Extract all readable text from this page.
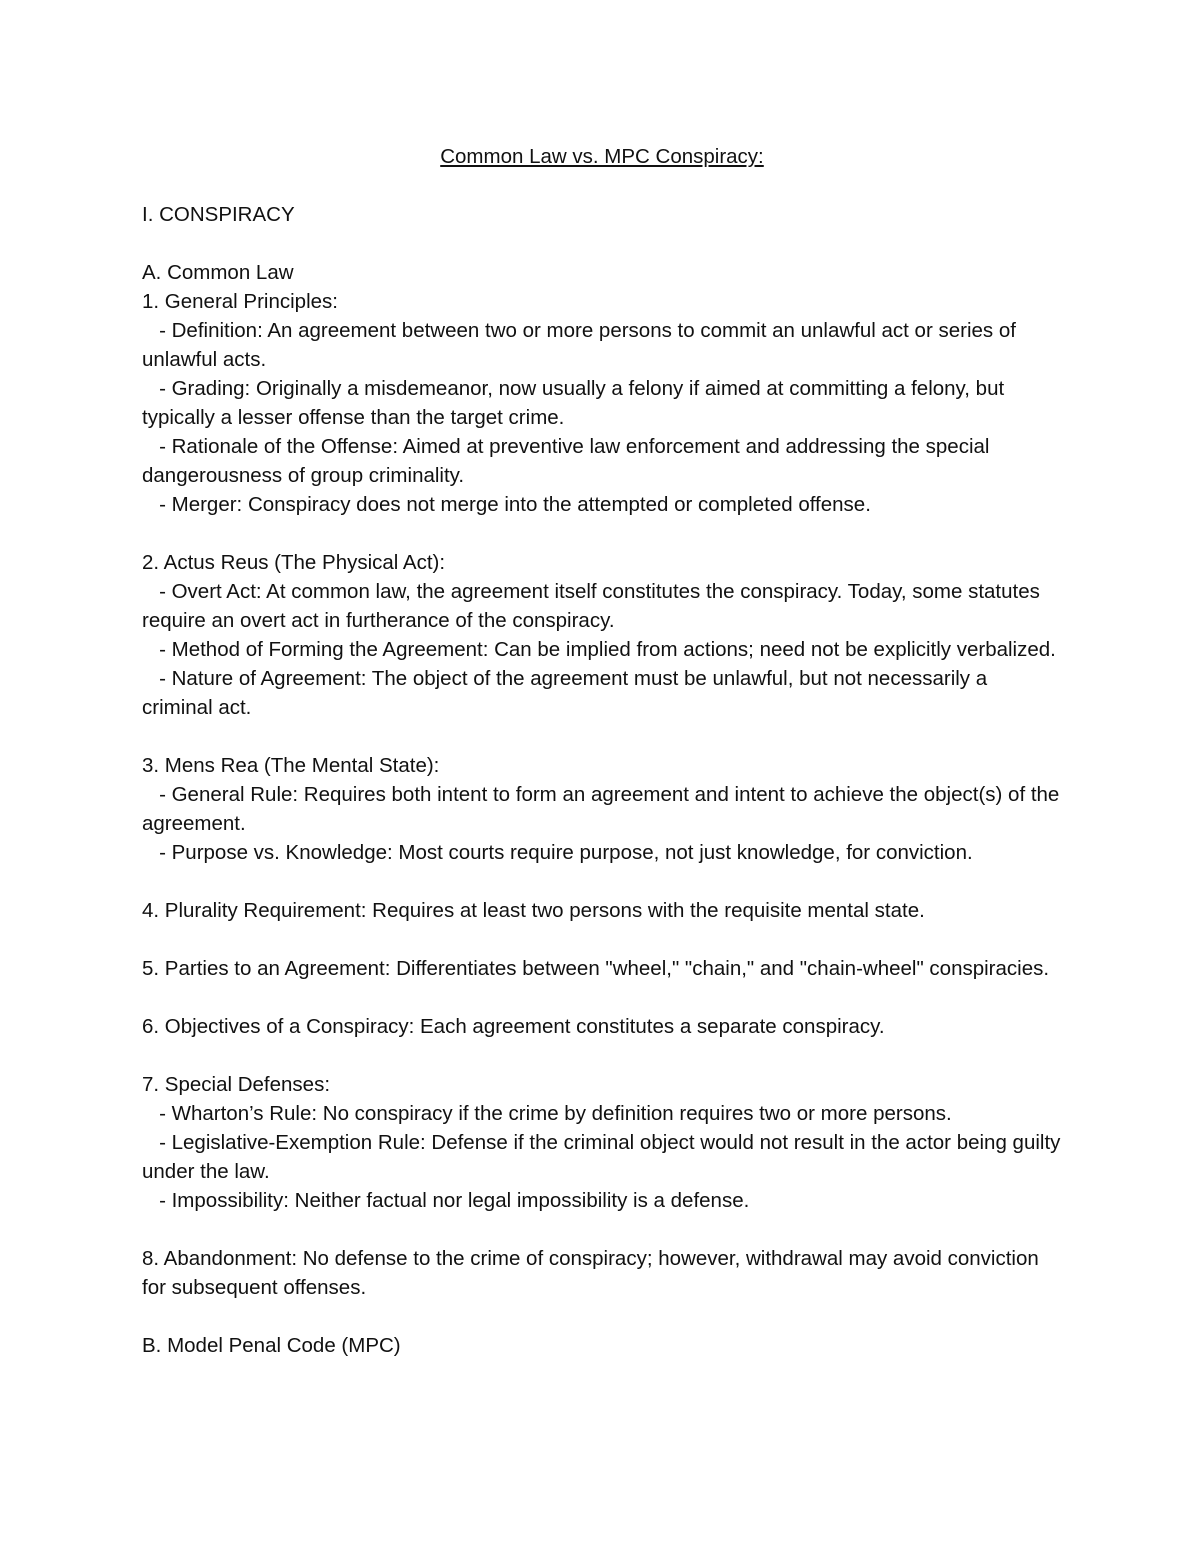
Common Law vs. MPC Conspiracy:

I. CONSPIRACY

A. Common Law

1. General Principles:

- Definition: An agreement between two or more persons to commit an unlawful act or series of unlawful acts.

- Grading: Originally a misdemeanor, now usually a felony if aimed at committing a felony, but typically a lesser offense than the target crime.

- Rationale of the Offense: Aimed at preventive law enforcement and addressing the special dangerousness of group criminality.

- Merger: Conspiracy does not merge into the attempted or completed offense.

2. Actus Reus (The Physical Act):

- Overt Act: At common law, the agreement itself constitutes the conspiracy. Today, some statutes require an overt act in furtherance of the conspiracy.

- Method of Forming the Agreement: Can be implied from actions; need not be explicitly verbalized.

- Nature of Agreement: The object of the agreement must be unlawful, but not necessarily a criminal act.

3. Mens Rea (The Mental State):

- General Rule: Requires both intent to form an agreement and intent to achieve the object(s) of the agreement.

- Purpose vs. Knowledge: Most courts require purpose, not just knowledge, for conviction.

4. Plurality Requirement: Requires at least two persons with the requisite mental state.

5. Parties to an Agreement: Differentiates between "wheel," "chain," and "chain-wheel" conspiracies.

6. Objectives of a Conspiracy: Each agreement constitutes a separate conspiracy.

7. Special Defenses:

- Wharton’s Rule: No conspiracy if the crime by definition requires two or more persons.

- Legislative-Exemption Rule: Defense if the criminal object would not result in the actor being guilty under the law.

- Impossibility: Neither factual nor legal impossibility is a defense.

8. Abandonment: No defense to the crime of conspiracy; however, withdrawal may avoid conviction for subsequent offenses.

B. Model Penal Code (MPC)
